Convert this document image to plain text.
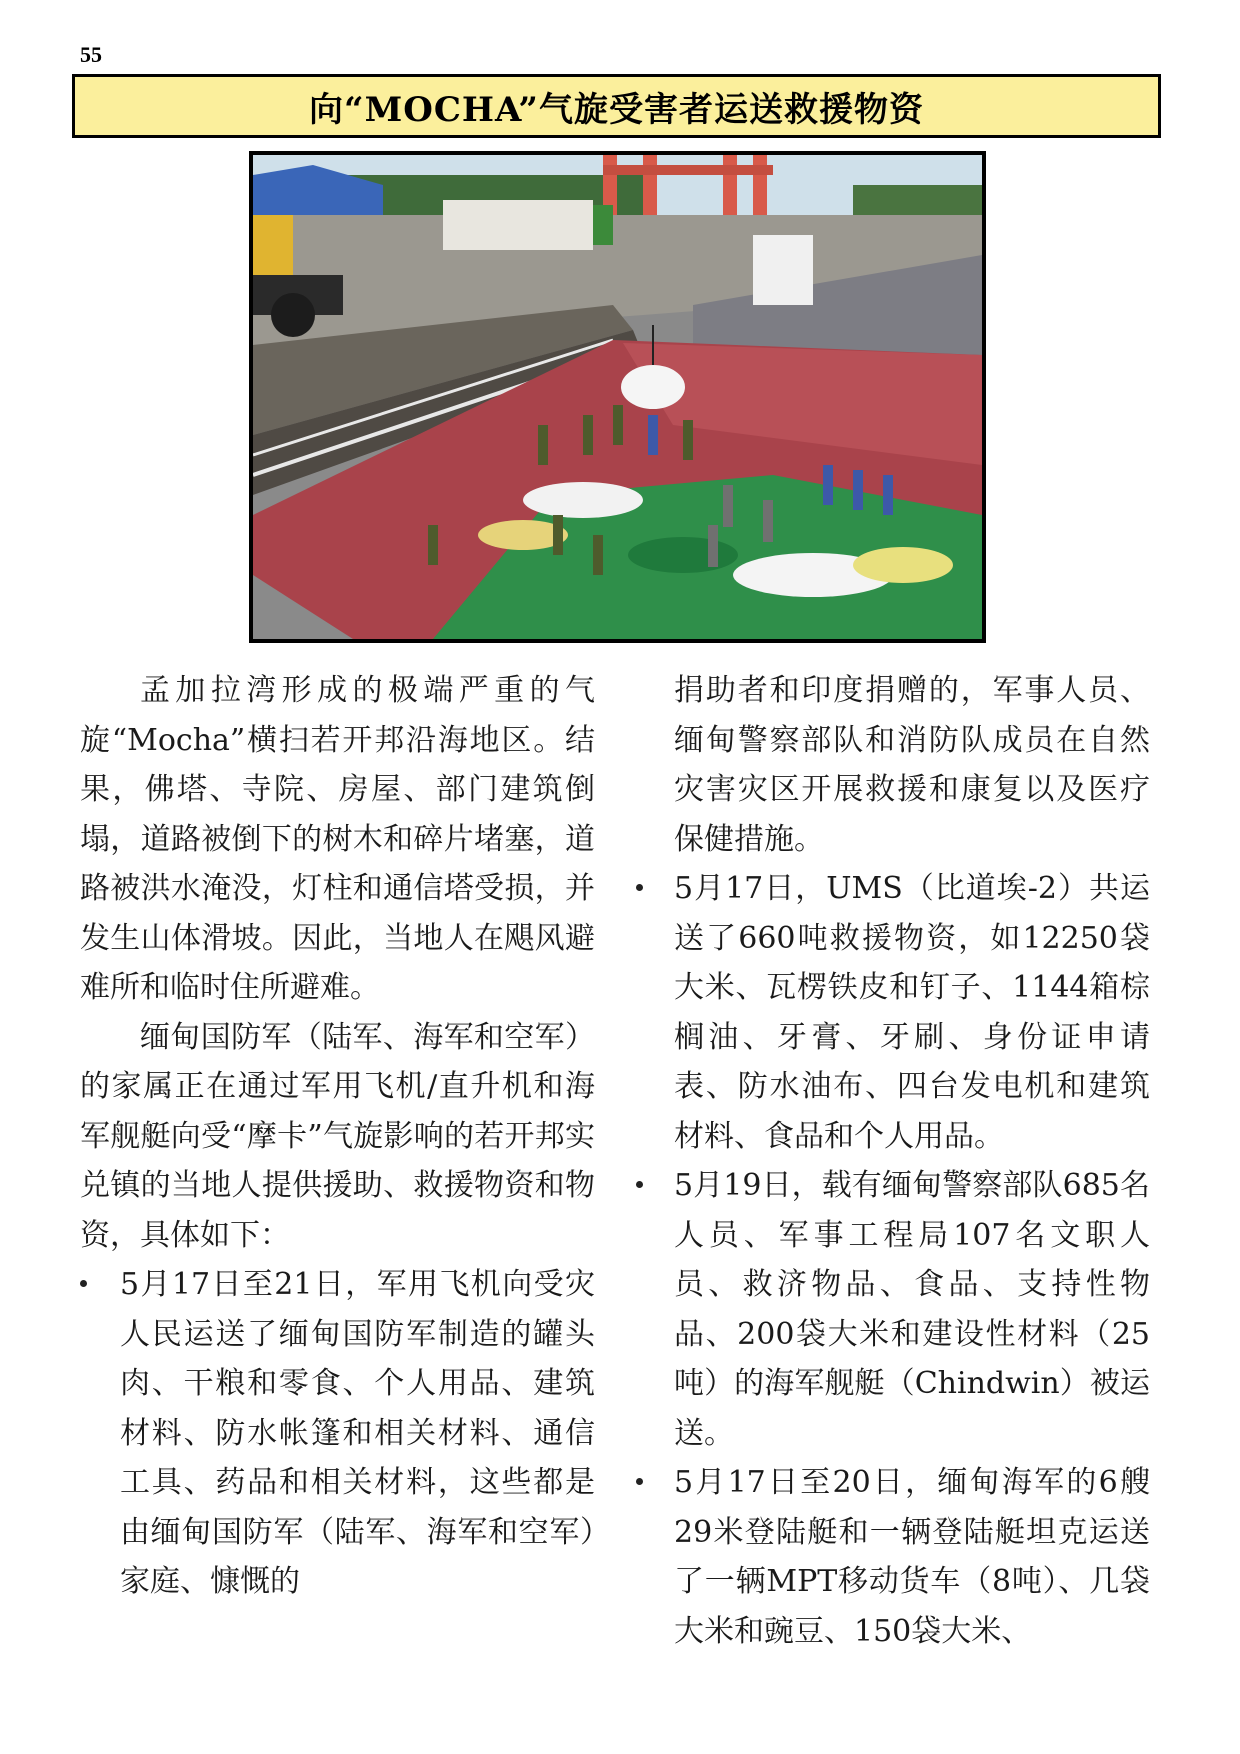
55
向“MOCHA”气旋受害者运送救援物资

孟加拉湾形成的极端严重的气旋“Mocha”横扫若开邦沿海地区。结果，佛塔、寺院、房屋、部门建筑倒塌，道路被倒下的树木和碎片堵塞，道路被洪水淹没，灯柱和通信塔受损，并发生山体滑坡。因此，当地人在飓风避难所和临时住所避难。

缅甸国防军（陆军、海军和空军）的家属正在通过军用飞机/直升机和海军舰艇向受“摩卡”气旋影响的若开邦实兑镇的当地人提供援助、救援物资和物资，具体如下：

5月17日至21日，军用飞机向受灾人民运送了缅甸国防军制造的罐头肉、干粮和零食、个人用品、建筑材料、防水帐篷和相关材料、通信工具、药品和相关材料，这些都是由缅甸国防军（陆军、海军和空军）家庭、慷慨的

捐助者和印度捐赠的，军事人员、缅甸警察部队和消防队成员在自然灾害灾区开展救援和康复以及医疗保健措施。

5月17日，UMS（比道埃-2）共运送了660吨救援物资，如12250袋大米、瓦楞铁皮和钉子、1144箱棕榈油、牙膏、牙刷、身份证申请表、防水油布、四台发电机和建筑材料、食品和个人用品。
5月19日，载有缅甸警察部队685名人员、军事工程局107名文职人员、救济物品、食品、支持性物品、200袋大米和建设性材料（25吨）的海军舰艇（Chindwin）被运送。
5月17日至20日，缅甸海军的6艘29米登陆艇和一辆登陆艇坦克运送了一辆MPT移动货车（8吨）、几袋大米和豌豆、150袋大米、
